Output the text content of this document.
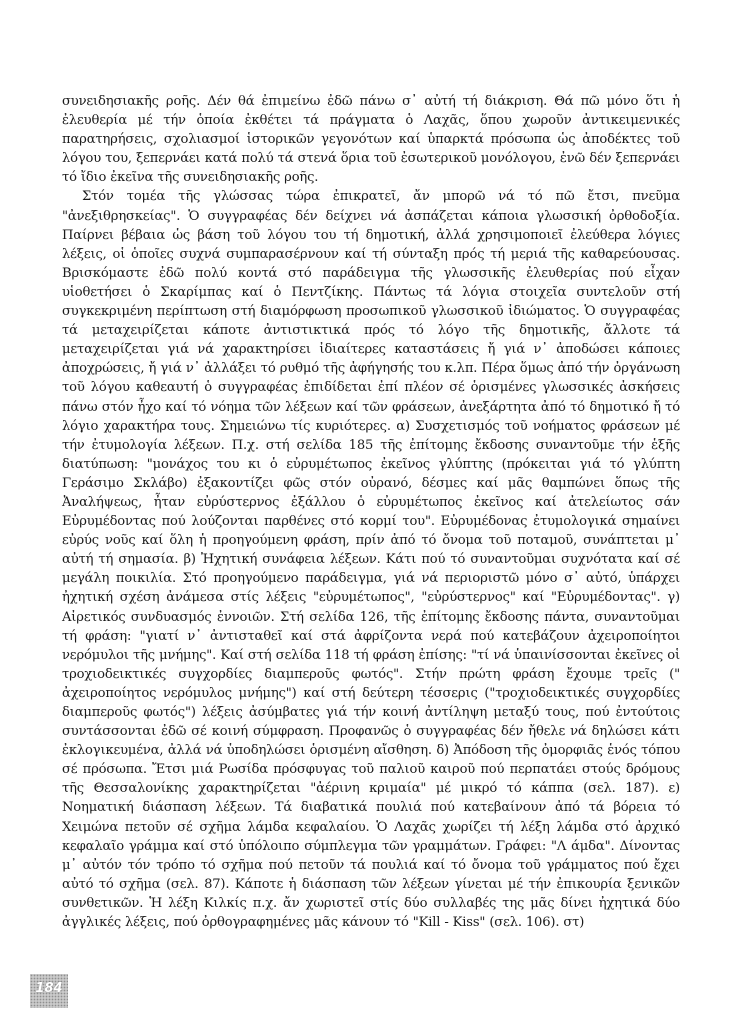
συνειδησιακῆς ροῆς. Δέν θά ἐπιμείνω ἐδῶ πάνω σ᾽ αὐτή τή διάκριση. Θά πῶ μόνο ὅτι ἡ ἐλευθερία μέ τήν ὁποία ἐκθέτει τά πράγματα ὁ Λαχᾶς, ὅπου χωροῦν ἀντικειμενικές παρατηρήσεις, σχολιασμοί ἱστορικῶν γεγονότων καί ὑπαρκτά πρόσωπα ὡς ἀποδέκτες τοῦ λόγου του, ξεπερνάει κατά πολύ τά στενά ὅρια τοῦ ἐσωτερικοῦ μονόλογου, ἐνῶ δέν ξεπερνάει τό ἴδιο ἐκεῖνα τῆς συνειδησιακῆς ροῆς.

Στόν τομέα τῆς γλώσσας τώρα ἐπικρατεῖ, ἄν μπορῶ νά τό πῶ ἔτσι, πνεῦμα "ἀνεξιθρησκείας". Ὁ συγγραφέας δέν δείχνει νά ἀσπάζεται κάποια γλωσσική ὀρθοδοξία. Παίρνει βέβαια ὡς βάση τοῦ λόγου του τή δημοτική, ἀλλά χρησιμοποιεῖ ἐλεύθερα λόγιες λέξεις, οἱ ὁποῖες συχνά συμπαρασέρνουν καί τή σύνταξη πρός τή μεριά τῆς καθαρεύουσας. Βρισκόμαστε ἐδῶ πολύ κοντά στό παράδειγμα τῆς γλωσσικῆς ἐλευθερίας πού εἶχαν υἱοθετήσει ὁ Σκαρίμπας καί ὁ Πεντζίκης. Πάντως τά λόγια στοιχεῖα συντελοῦν στή συγκεκριμένη περίπτωση στή διαμόρφωση προσωπικοῦ γλωσσικοῦ ἰδιώματος. Ὁ συγγραφέας τά μεταχειρίζεται κάποτε ἀντιστικτικά πρός τό λόγο τῆς δημοτικῆς, ἄλλοτε τά μεταχειρίζεται γιά νά χαρακτηρίσει ἰδιαίτερες καταστάσεις ἤ γιά ν᾽ ἀποδώσει κάποιες ἀποχρώσεις, ἤ γιά ν᾽ ἀλλάξει τό ρυθμό τῆς ἀφήγησής του κ.λπ. Πέρα ὅμως ἀπό τήν ὀργάνωση τοῦ λόγου καθεαυτή ὁ συγγραφέας ἐπιδίδεται ἐπί πλέον σέ ὁρισμένες γλωσσικές ἀσκήσεις πάνω στόν ἦχο καί τό νόημα τῶν λέξεων καί τῶν φράσεων, ἀνεξάρτητα ἀπό τό δημοτικό ἤ τό λόγιο χαρακτήρα τους. Σημειώνω τίς κυριότερες. α) Συσχετισμός τοῦ νοήματος φράσεων μέ τήν ἐτυμολογία λέξεων. Π.χ. στή σελίδα 185 τῆς ἐπίτομης ἔκδοσης συναντοῦμε τήν ἑξῆς διατύπωση: "μονάχος του κι ὁ εὐρυμέτωπος ἐκεῖνος γλύπτης (πρόκειται γιά τό γλύπτη Γεράσιμο Σκλάβο) ἐξακοντίζει φῶς στόν οὐρανό, δέσμες καί μᾶς θαμπώνει ὅπως τῆς Ἀναλήψεως, ἦταν εὐρύστερνος ἐξάλλου ὁ εὐρυμέτωπος ἐκεῖνος καί ἀτελείωτος σάν Εὐρυμέδοντας πού λούζονται παρθένες στό κορμί του". Εὐρυμέδονας ἐτυμολογικά σημαίνει εὐρύς νοῦς καί ὅλη ἡ προηγούμενη φράση, πρίν ἀπό τό ὄνομα τοῦ ποταμοῦ, συνάπτεται μ᾽ αὐτή τή σημασία. β) Ἠχητική συνάφεια λέξεων. Κάτι πού τό συναντοῦμαι συχνότατα καί σέ μεγάλη ποικιλία. Στό προηγούμενο παράδειγμα, γιά νά περιοριστῶ μόνο σ᾽ αὐτό, ὑπάρχει ἠχητική σχέση ἀνάμεσα στίς λέξεις "εὐρυμέτωπος", "εὐρύστερνος" καί "Εὐρυμέδοντας". γ) Αἰρετικός συνδυασμός ἐννοιῶν. Στή σελίδα 126, τῆς ἐπίτομης ἔκδοσης πάντα, συναντοῦμαι τή φράση: "γιατί ν᾽ ἀντισταθεῖ καί στά ἀφρίζοντα νερά πού κατεβάζουν ἀχειροποίητοι νερόμυλοι τῆς μνήμης". Καί στή σελίδα 118 τή φράση ἐπίσης: "τί νά ὑπαινίσσονται ἐκεῖνες οἱ τροχιοδεικτικές συγχορδίες διαμπεροῦς φωτός". Στήν πρώτη φράση ἔχουμε τρεῖς (" ἀχειροποίητος νερόμυλος μνήμης") καί στή δεύτερη τέσσερις ("τροχιοδεικτικές συγχορδίες διαμπεροῦς φωτός") λέξεις ἀσύμβατες γιά τήν κοινή ἀντίληψη μεταξύ τους, πού ἐντούτοις συντάσσονται ἐδῶ σέ κοινή σύμφραση. Προφανῶς ὁ συγγραφέας δέν ἤθελε νά δηλώσει κάτι ἐκλογικευμένα, ἀλλά νά ὑποδηλώσει ὁρισμένη αἴσθηση. δ) Ἀπόδοση τῆς ὀμορφιᾶς ἑνός τόπου σέ πρόσωπα. Ἔτσι μιά Ρωσίδα πρόσφυγας τοῦ παλιοῦ καιροῦ πού περπατάει στούς δρόμους τῆς Θεσσαλονίκης χαρακτηρίζεται "ἀέρινη κριμαία" μέ μικρό τό κάππα (σελ. 187). ε) Νοηματική διάσπαση λέξεων. Τά διαβατικά πουλιά πού κατεβαίνουν ἀπό τά βόρεια τό Χειμώνα πετοῦν σέ σχῆμα λάμδα κεφαλαίου. Ὁ Λαχᾶς χωρίζει τή λέξη λάμδα στό ἀρχικό κεφαλαῖο γράμμα καί στό ὑπόλοιπο σύμπλεγμα τῶν γραμμάτων. Γράφει: "Λ άμδα". Δίνοντας μ᾽ αὐτόν τόν τρόπο τό σχῆμα πού πετοῦν τά πουλιά καί τό ὄνομα τοῦ γράμματος πού ἔχει αὐτό τό σχῆμα (σελ. 87). Κάποτε ἡ διάσπαση τῶν λέξεων γίνεται μέ τήν ἐπικουρία ξενικῶν συνθετικῶν. Ἡ λέξη Κιλκίς π.χ. ἄν χωριστεῖ στίς δύο συλλαβές της μᾶς δίνει ἠχητικά δύο ἀγγλικές λέξεις, πού ὀρθογραφημένες μᾶς κάνουν τό "Kill - Kiss" (σελ. 106). στ)

184
